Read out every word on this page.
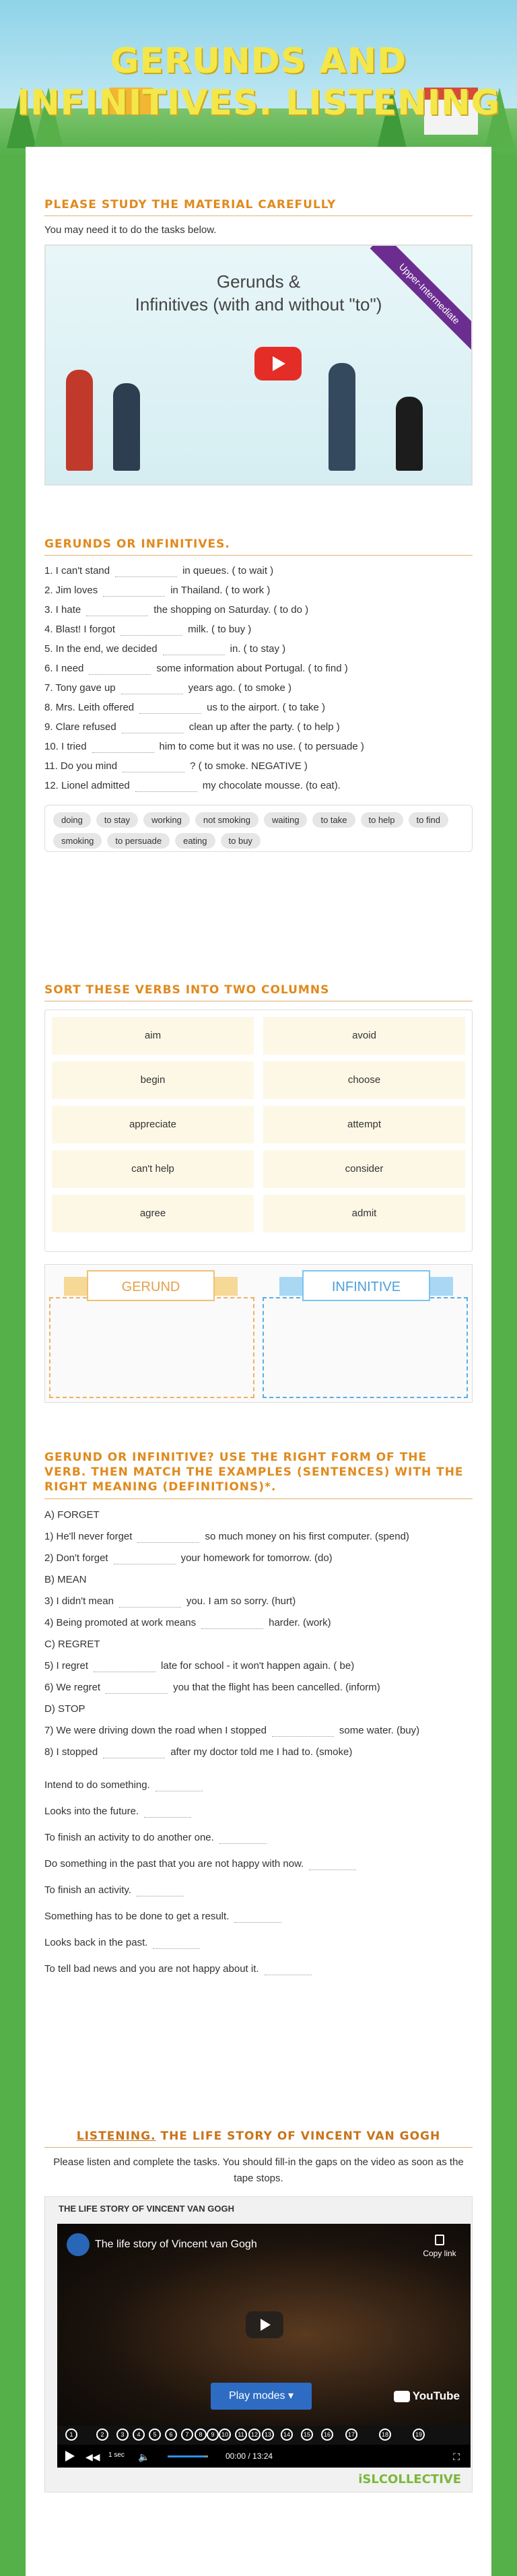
GERUNDS AND INFINITIVES. LISTENING
PLEASE STUDY THE MATERIAL CAREFULLY
You may need it to do the tasks below.
Gerunds &
Infinitives (with and without "to")	Upper-Intermediate
GERUNDS OR INFINITIVES.
1. I can't stand	in queues. ( to wait )
2. Jim loves	in Thailand. ( to work )
3. I hate	the shopping on Saturday. ( to do )
4. Blast! I forgot	milk. ( to buy )
5. In the end, we decided	in. ( to stay )
6. I need	some information about Portugal. ( to find )
7. Tony gave up	years ago. ( to smoke )
8. Mrs. Leith offered	us to the airport. ( to take )
9. Clare refused	clean up after the party. ( to help )
10. I tried	him to come but it was no use. ( to persuade )
11. Do you mind	? ( to smoke. NEGATIVE )
12. Lionel admitted	my chocolate mousse. (to eat).
doing to stay working not smoking waiting to take to help to findsmoking to persuade eating to buy
SORT THESE VERBS INTO TWO COLUMNS
aim	avoid
begin	choose
appreciate	attempt
can't help	consider
agree	admit
GERUND	INFINITIVE
GERUND OR INFINITIVE? USE THE RIGHT FORM OF THE VERB. THEN MATCH THE EXAMPLES (SENTENCES) WITH THE RIGHT MEANING (DEFINITIONS)*.
A) FORGET
1) He'll never forget	so much money on his first computer. (spend)
2) Don't forget	your homework for tomorrow. (do)
B) MEAN
3) I didn't mean	you. I am so sorry. (hurt)
4) Being promoted at work means	harder. (work)
C) REGRET
5) I regret	late for school - it won't happen again. ( be)
6) We regret	you that the flight has been cancelled. (inform)
D) STOP
7) We were driving down the road when I stopped	some water. (buy)
8) I stopped	after my doctor told me I had to. (smoke)
Intend to do something.
Looks into the future.
To finish an activity to do another one.
Do something in the past that you are not happy with now.
To finish an activity.
Something has to be done to get a result.
Looks back in the past.
To tell bad news and you are not happy about it.
LISTENING. THE LIFE STORY OF VINCENT VAN GOGH
Please listen and complete the tasks. You should fill-in the gaps on the video as soon as the tape stops.
THE LIFE STORY OF VINCENT VAN GOGH
The life story of Vincent van Gogh
Copy link
Play modes ▾	YouTube
1	2	3	4	5	6	7	8	9	10	11	12	13	14	15	16	17	18	19
◀◀ 1 sec 🔈	00:00 / 13:24	⛶
iSLCOLLECTIVE
